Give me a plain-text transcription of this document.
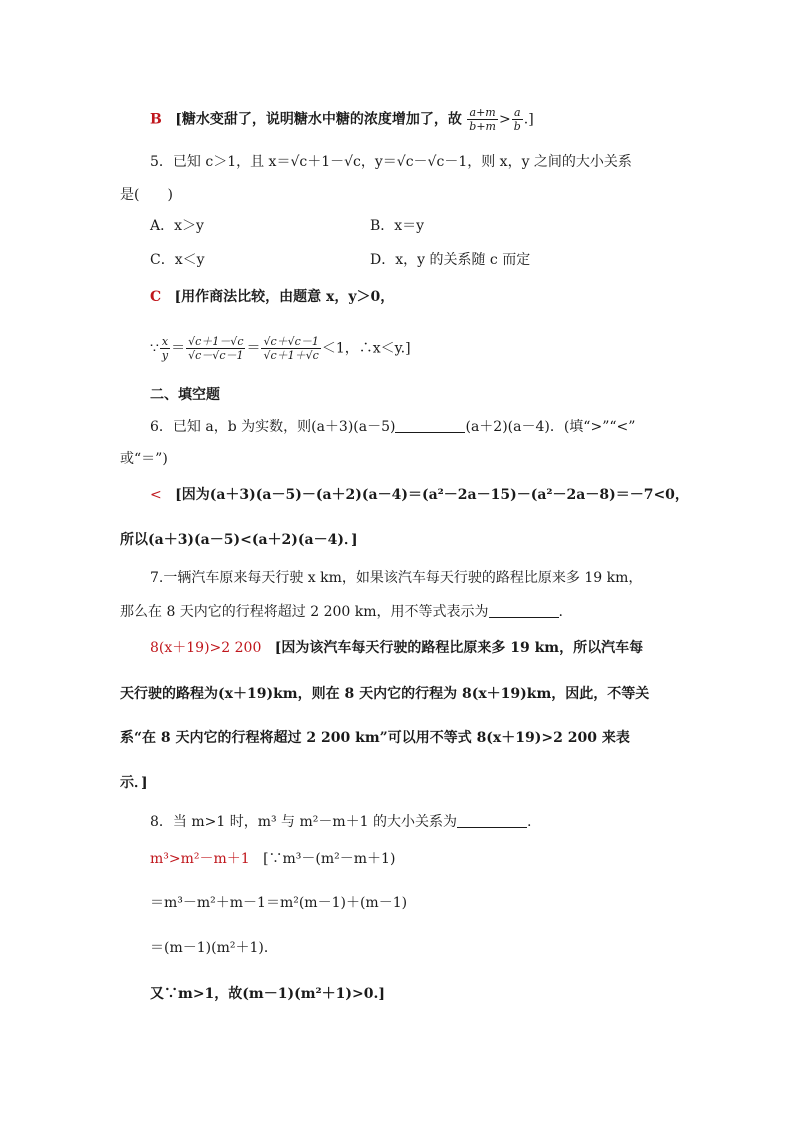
B [糖水变甜了，说明糖水中糖的浓度增加了，故 $\frac{a+m}{b+m} > \frac{a}{b}$ .]
5．已知 c＞1，且 x＝√c＋1－√c，y＝√c－√c－1，则 x，y 之间的大小关系
是(　　)
A．x＞y	B．x＝y
C．x＜y	D．x，y 的关系随 c 而定
C [用作商法比较，由题意 x，y＞0，
∵ $\frac{x}{y} = \frac{√c+1-√c}{√c-√c-1} = \frac{√c+√c-1}{√c+1+√c} <1$，∴x＜y.]
二、填空题
6．已知 a，b 为实数，则(a＋3)(a－5)	(a＋2)(a－4)．(填“>”“<”
或“＝”)
< [因为(a＋3)(a－5)－(a＋2)(a－4)＝(a²－2a－15)－(a²－2a－8)＝－7<0，
所以(a＋3)(a－5)<(a＋2)(a－4)．]
7.一辆汽车原来每天行驶 x km，如果该汽车每天行驶的路程比原来多 19 km，
那么在 8 天内它的行程将超过 2 200 km，用不等式表示为	.
8(x＋19)>2 200 [因为该汽车每天行驶的路程比原来多 19 km，所以汽车每
天行驶的路程为(x＋19)km，则在 8 天内它的行程为 8(x＋19)km，因此，不等关
系“在 8 天内它的行程将超过 2 200 km”可以用不等式 8(x＋19)>2 200 来表
示．]
8．当 m>1 时，m³ 与 m²－m＋1 的大小关系为	.
m³>m²－m＋1 [∵m³－(m²－m＋1)
＝m³－m²＋m－1＝m²(m－1)＋(m－1)
＝(m－1)(m²＋1)．
又∵m>1，故(m－1)(m²＋1)>0.]
